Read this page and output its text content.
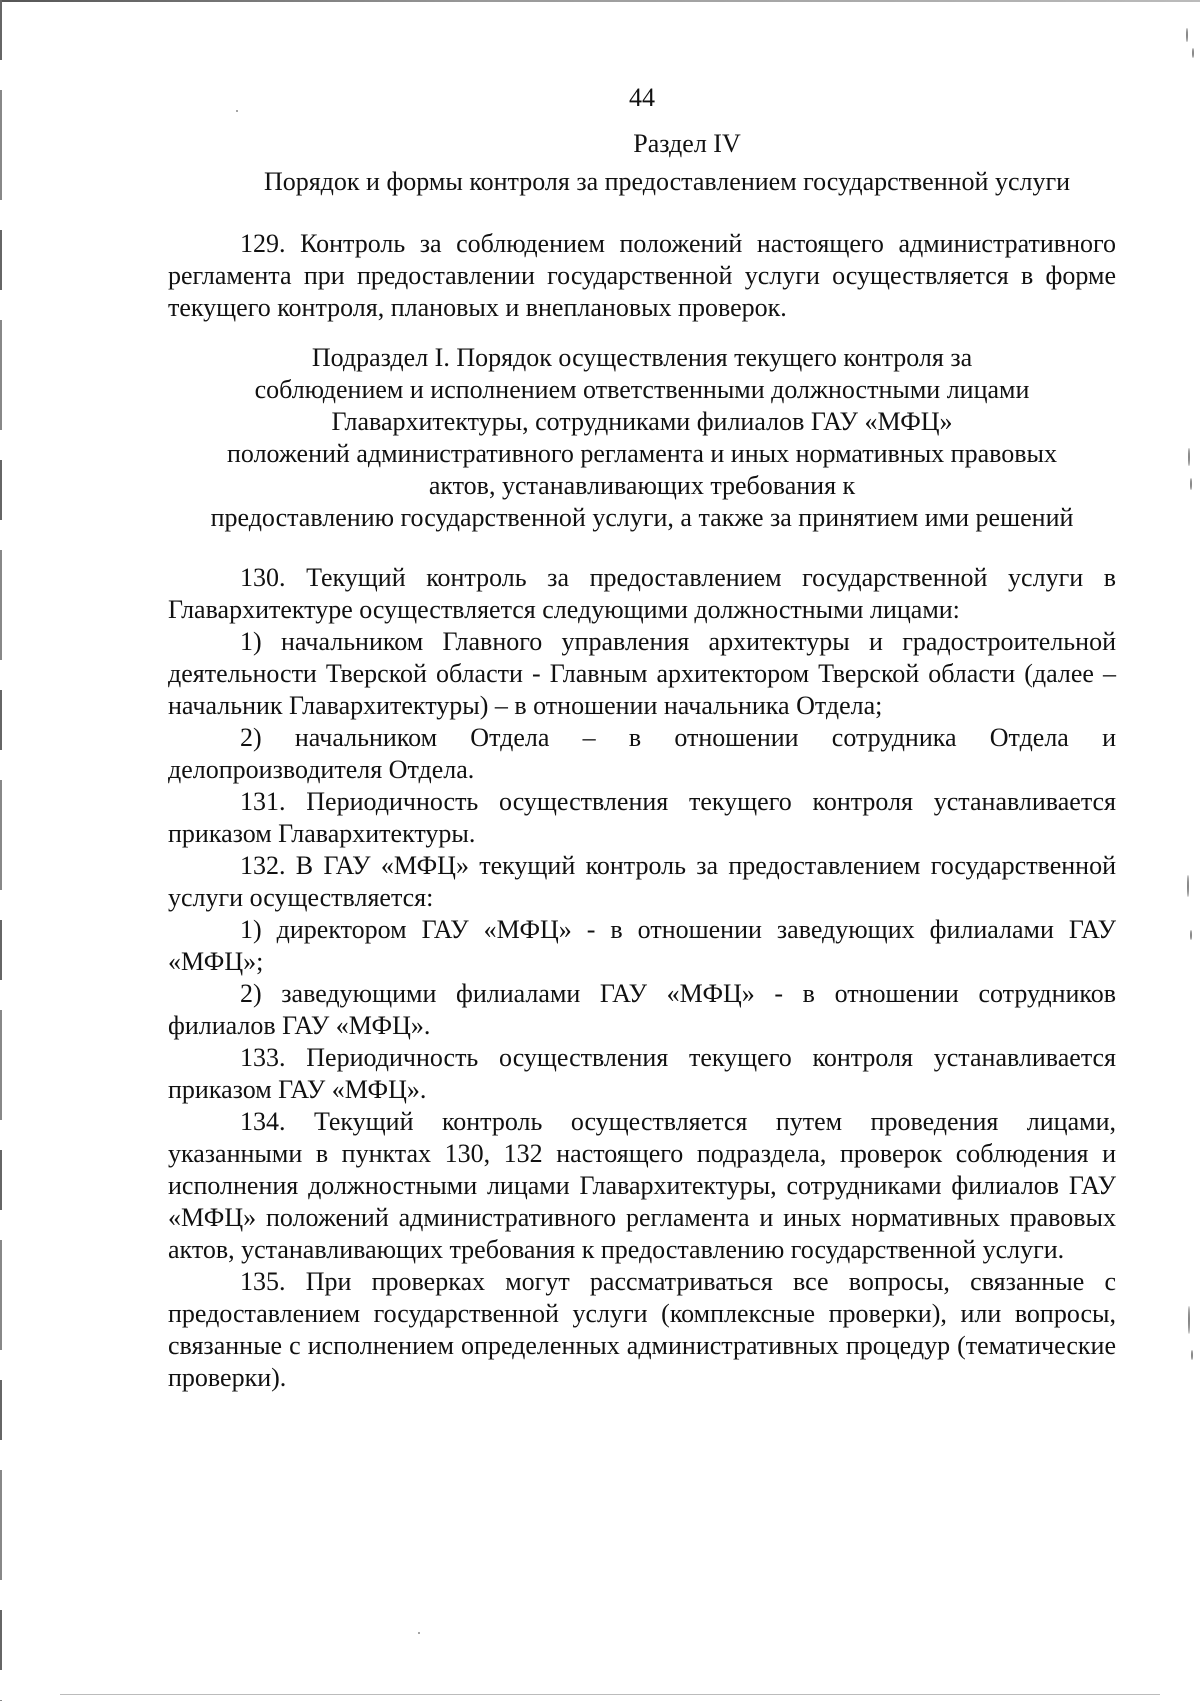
44
Раздел IV
Порядок и формы контроля за предоставлением государственной услуги

129. Контроль за соблюдением положений настоящего административного регламента при предоставлении государственной услуги осуществляется в форме текущего контроля, плановых и внеплановых проверок.

Подраздел I. Порядок осуществления текущего контроля за
соблюдением и исполнением ответственными должностными лицами
Главархитектуры, сотрудниками филиалов ГАУ «МФЦ»
положений административного регламента и иных нормативных правовых
актов, устанавливающих требования к
предоставлению государственной услуги, а также за принятием ими решений

130. Текущий контроль за предоставлением государственной услуги в Главархитектуре осуществляется следующими должностными лицами:

1) начальником Главного управления архитектуры и градостроительной деятельности Тверской области - Главным архитектором Тверской области (далее – начальник Главархитектуры) – в отношении начальника Отдела;

2) начальником Отдела – в отношении сотрудника Отдела и делопроизводителя Отдела.

131. Периодичность осуществления текущего контроля устанавливается приказом Главархитектуры.

132. В ГАУ «МФЦ» текущий контроль за предоставлением государственной услуги осуществляется:

1) директором ГАУ «МФЦ» - в отношении заведующих филиалами ГАУ «МФЦ»;

2) заведующими филиалами ГАУ «МФЦ» - в отношении сотрудников филиалов ГАУ «МФЦ».

133. Периодичность осуществления текущего контроля устанавливается приказом ГАУ «МФЦ».

134. Текущий контроль осуществляется путем проведения лицами, указанными в пунктах 130, 132 настоящего подраздела, проверок соблюдения и исполнения должностными лицами Главархитектуры, сотрудниками филиалов ГАУ «МФЦ» положений административного регламента и иных нормативных правовых актов, устанавливающих требования к предоставлению государственной услуги.

135. При проверках могут рассматриваться все вопросы, связанные с предоставлением государственной услуги (комплексные проверки), или вопросы, связанные с исполнением определенных административных процедур (тематические проверки).
